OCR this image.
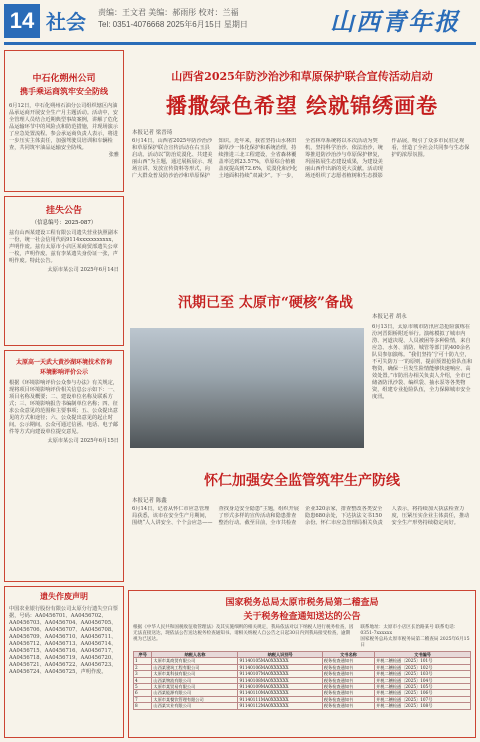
14 社会 责编：王文君 美编：郝雨彤 校对：兰福
Tel: 0351-4076668 2025年6月15日 星期日	山西青年报

中石化朔州公司

携手乘运商筑牢安全防线

6月12日，中石化朔州石油分公司组织辖区内油品承运商开展安全生产月主题活动。活动中，安全管理人员结合近期典型事故案例，讲解了危化品运输环节中的风险点和防范措施，并现场演示了应急处置流程。参会承运商负责人表示，将进一步压实主体责任，加强驾驶员培训和车辆检查，共同筑牢油品运输安全防线。

张雅

挂失公告

（信息编号：2025-087）

兹有山西某建设工程有限公司遗失营业执照副本一份，统一社会信用代码9114xxxxxxxxxxx，声明作废。兹有太原市小店区某商贸部遗失公章一枚，声明作废。兹有李某遗失身份证一张，声明作废。特此公告。

太原市某公司 2025年6月14日

太原高一天武大黄沙湖环境技术咨询

环境影响评价公示

根据《环境影响评价公众参与办法》有关规定，现将项目环境影响评价相关信息公示如下：一、项目名称及概要；二、建设单位名称及联系方式；三、环境影响报告书编制单位名称；四、征求公众意见的范围和主要事项；五、公众提出意见的方式和途径；六、公众提出意见的起止时间。公示期间，公众可通过信函、电话、电子邮件等方式向建设单位提交意见。

太原市某公司 2025年6月15日

遗失作废声明

中国农业银行股份有限公司太原分行遗失空白票据，号码：AA0456701、AA0456702、AA0456703、AA0456704、AA0456705、AA0456706、AA0456707、AA0456708、AA0456709、AA0456710、AA0456711、AA0456712、AA0456713、AA0456714、AA0456715、AA0456716、AA0456717、AA0456718、AA0456719、AA0456720、AA0456721、AA0456722、AA0456723、AA0456724、AA0456725，声明作废。

山西省2025年防沙治沙和草原保护联合宣传活动启动

播撒绿色希望 绘就锦绣画卷

本报记者 梁晋琦

6月14日，山西省2025年防沙治沙和草原保护联合宣传活动在右玉县启动。活动以“防治荒漠化、共建美丽山西”为主题，通过展板展示、现场宣讲、发放宣传资料等形式，向广大群众普及防沙治沙和草原保护知识。近年来，我省坚持山水林田湖草沙一体化保护和系统治理，持续推进三北工程建设，全省森林覆盖率达到23.57%，草原综合植被盖度提高到72.6%，荒漠化和沙化土地面积持续“双减少”。下一步，全省林草系统将以本次活动为契机，坚持科学治沙、依法治沙，统筹推进防沙治沙与草原保护修复，巩固拓展生态建设成果，为建设美丽山西作出新的更大贡献。活动现场还组织了志愿者植树和生态摄影作品展，吸引了众多市民驻足观看，营造了全社会共同参与生态保护的浓厚氛围。

汛期已至 太原市“硬核”备战

本报记者 胡永

6月13日，太原市城市防汛应急抢险演练在汾河晋阳桥附近举行。演练模拟了城市内涝、河道决堤、人员被困等多种险情，来自应急、水务、消防、城管等部门的400余名队员参加演练。“我们坚持‘宁可十防九空，不可失防万一’的原则，提前预置抢险队伍和物资，确保一旦发生险情能够快速响应、高效处置。”市防汛办相关负责人介绍，全市已储备防汛沙袋、编织袋、抽水泵等各类物资，组建专业抢险队伍，全力保障城市安全度汛。

怀仁加强安全监管筑牢生产防线

本报记者 陈鑫

6月14日，记者从怀仁市应急管理局获悉，该市在安全生产月期间，围绕“人人讲安全、个个会应急——查找身边安全隐患”主题，组织开展了形式多样的宣传活动和隐患排查整治行动。截至目前，全市共检查企业320余家，排查整改各类安全隐患680余处，下达执法文书150余份。怀仁市应急管理局相关负责人表示，将持续加大执法检查力度，压紧压实企业主体责任，推动安全生产形势持续稳定向好。

国家税务总局太原市税务局第二稽查局

关于税务检查通知送达的公告

根据《中华人民共和国税收征收管理法》及其实施细则的相关规定，我局依法对以下纳税人进行税务检查，因无法直接送达，现依法公告送达税务检查通知书。请相关纳税人自公告之日起30日内到我局接受检查，逾期视为已送达。

联系地址：太原市小店区长治路某号 联系电话：0351-7xxxxxx

国家税务总局太原市税务局第二稽查局 2025年6月15日

序号	纳税人名称	纳税人识别号	文书名称	文书编号
1	太原市某商贸有限公司	91140105MA0XXXXXX	税务检查通知书	并税二稽检通〔2025〕101号
2	山西某建筑工程有限公司	91140106MA0XXXXXX	税务检查通知书	并税二稽检通〔2025〕102号
3	太原市某科技有限公司	91140107MA0XXXXXX	税务检查通知书	并税二稽检通〔2025〕103号
4	山西某物流有限公司	91140108MA0XXXXXX	税务检查通知书	并税二稽检通〔2025〕104号
5	太原市某贸易有限公司	91140109MA0XXXXXX	税务检查通知书	并税二稽检通〔2025〕105号
6	山西某能源有限公司	91140110MA0XXXXXX	税务检查通知书	并税二稽检通〔2025〕106号
7	太原市某餐饮管理有限公司	91140111MA0XXXXXX	税务检查通知书	并税二稽检通〔2025〕107号
8	山西某实业有限公司	91140112MA0XXXXXX	税务检查通知书	并税二稽检通〔2025〕108号
